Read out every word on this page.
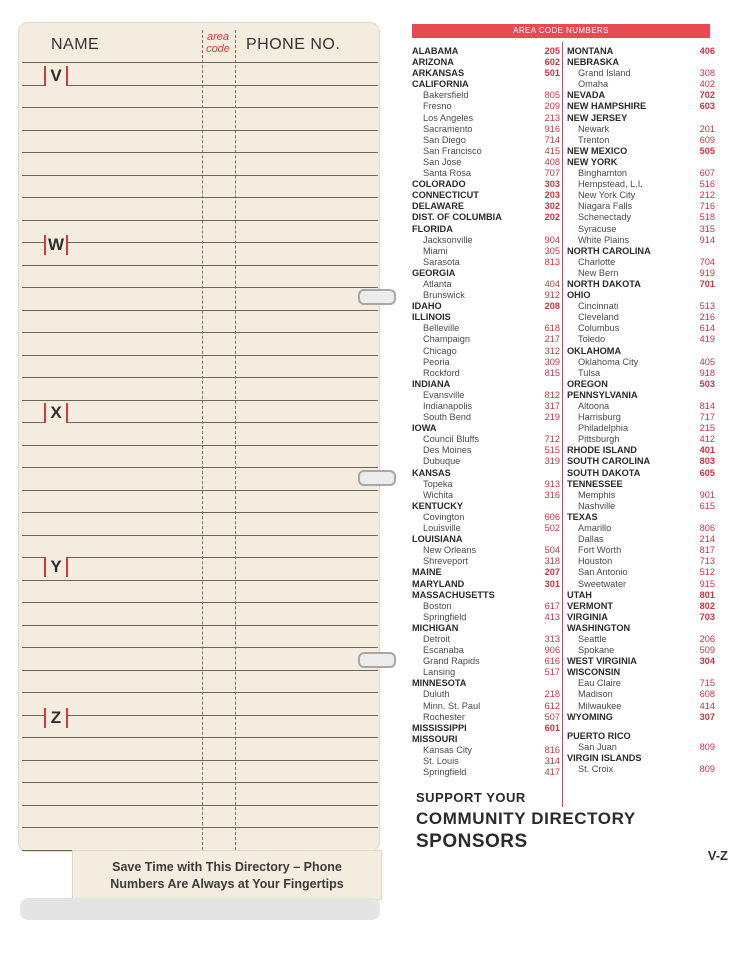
NAME	area code	PHONE NO.
V
W
X
Y
Z
Save Time with This Directory – Phone
Numbers Are Always at Your Fingertips
AREA CODE NUMBERS
ALABAMA	205
ARIZONA	602
ARKANSAS	501
CALIFORNIA
Bakersfield	805
Fresno	209
Los Angeles	213
Sacramento	916
San Diego	714
San Francisco	415
San Jose	408
Santa Rosa	707
COLORADO	303
CONNECTICUT	203
DELAWARE	302
DIST. OF COLUMBIA	202
FLORIDA
Jacksonville	904
Miami	305
Sarasota	813
GEORGIA
Atlanta	404
Brunswick	912
IDAHO	208
ILLINOIS
Belleville	618
Champaign	217
Chicago	312
Peoria	309
Rockford	815
INDIANA
Evansville	812
Indianapolis	317
South Bend	219
IOWA
Council Bluffs	712
Des Moines	515
Dubuque	319
KANSAS
Topeka	913
Wichita	316
KENTUCKY
Covington	606
Louisville	502
LOUISIANA
New Orleans	504
Shreveport	318
MAINE	207
MARYLAND	301
MASSACHUSETTS
Boston	617
Springfield	413
MICHIGAN
Detroit	313
Escanaba	906
Grand Rapids	616
Lansing	517
MINNESOTA
Duluth	218
Minn. St. Paul	612
Rochester	507
MISSISSIPPI	601
MISSOURI
Kansas City	816
St. Louis	314
Springfield	417
MONTANA	406
NEBRASKA
Grand Island	308
Omaha	402
NEVADA	702
NEW HAMPSHIRE	603
NEW JERSEY
Newark	201
Trenton	609
NEW MEXICO	505
NEW YORK
Binghamton	607
Hempstead, L.I.	516
New York City	212
Niagara Falls	716
Schenectady	518
Syracuse	315
White Plains	914
NORTH CAROLINA
Charlotte	704
New Bern	919
NORTH DAKOTA	701
OHIO
Cincinnati	513
Cleveland	216
Columbus	614
Toledo	419
OKLAHOMA
Oklahoma City	405
Tulsa	918
OREGON	503
PENNSYLVANIA
Altoona	814
Harrisburg	717
Philadelphia	215
Pittsburgh	412
RHODE ISLAND	401
SOUTH CAROLINA	803
SOUTH DAKOTA	605
TENNESSEE
Memphis	901
Nashville	615
TEXAS
Amarillo	806
Dallas	214
Fort Worth	817
Houston	713
San Antonio	512
Sweetwater	915
UTAH	801
VERMONT	802
VIRGINIA	703
WASHINGTON
Seattle	206
Spokane	509
WEST VIRGINIA	304
WISCONSIN
Eau Claire	715
Madison	608
Milwaukee	414
WYOMING	307
PUERTO RICO
San Juan	809
VIRGIN ISLANDS
St. Croix	809
SUPPORT YOUR
COMMUNITY DIRECTORY
SPONSORS
V-Z
